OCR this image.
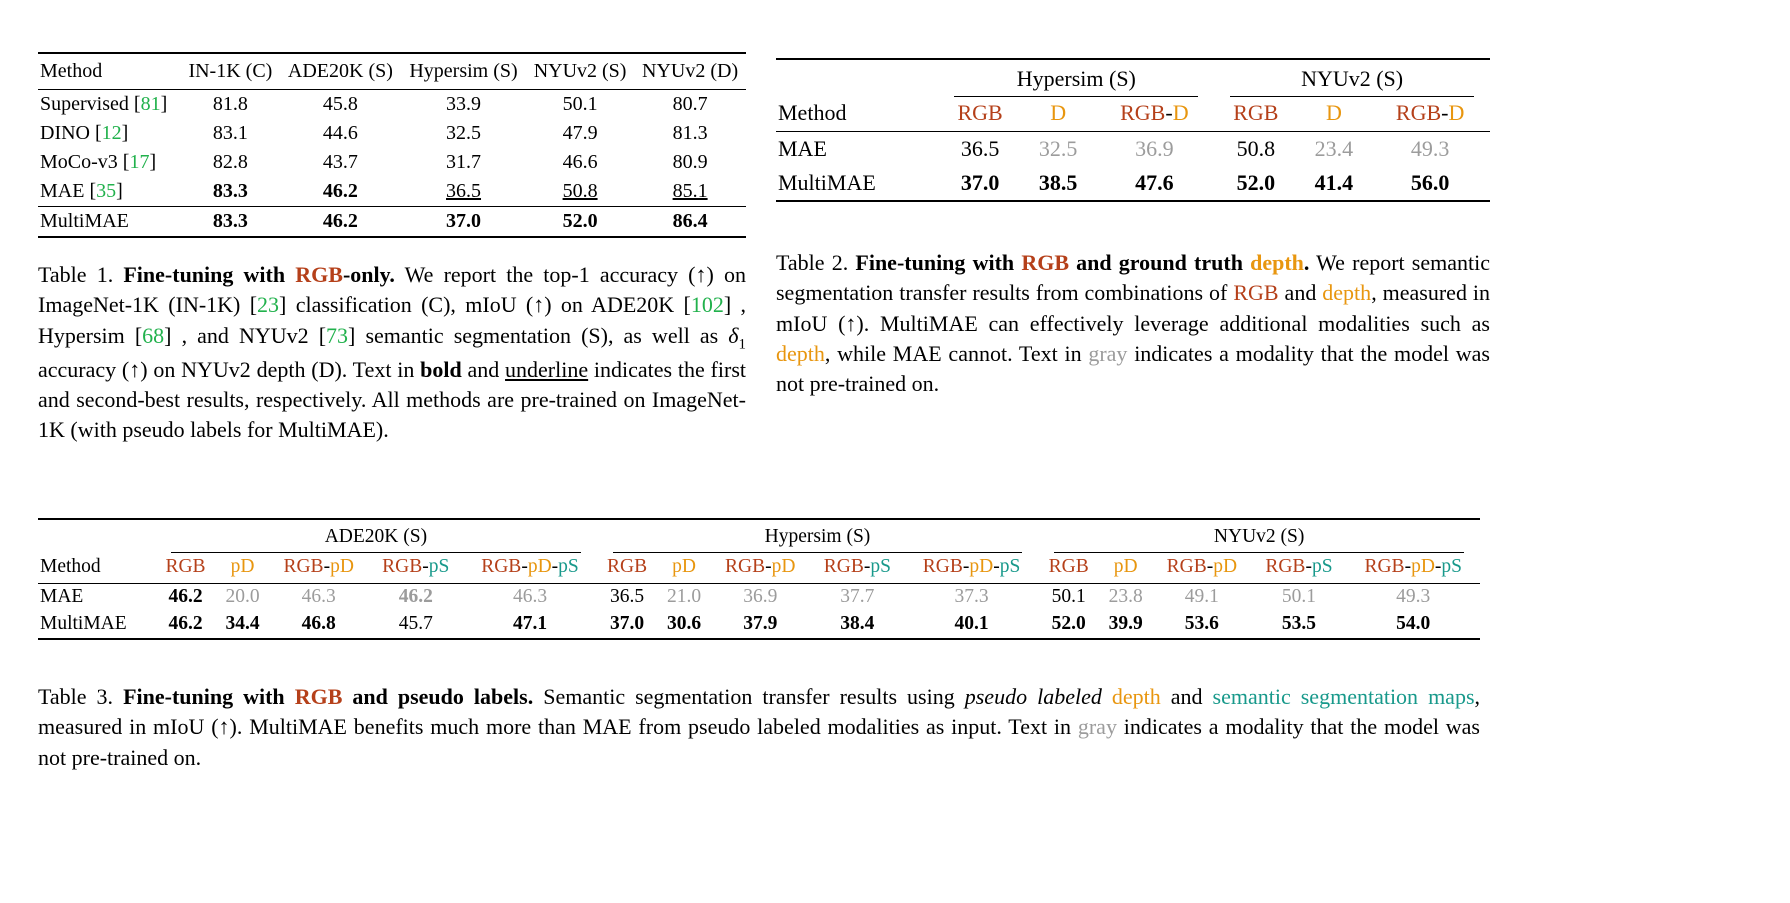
Method	IN-1K (C)	ADE20K (S)	Hypersim (S)	NYUv2 (S)	NYUv2 (D)
Supervised [81]	81.8	45.8	33.9	50.1	80.7
DINO [12]	83.1	44.6	32.5	47.9	81.3
MoCo-v3 [17]	82.8	43.7	31.7	46.6	80.9
MAE [35]	83.3	46.2	36.5	50.8	85.1
MultiMAE	83.3	46.2	37.0	52.0	86.4

Table 1. Fine-tuning with RGB-only. We report the top-1 accuracy (↑) on ImageNet-1K (IN-1K) [23] classification (C), mIoU (↑) on ADE20K [102] , Hypersim [68] , and NYUv2 [73] semantic segmentation (S), as well as $\delta_1$ accuracy (↑) on NYUv2 depth (D). Text in bold and underline indicates the first and second-best results, respectively. All methods are pre-trained on ImageNet-1K (with pseudo labels for MultiMAE).

	Hypersim (S)			NYUv2 (S)		

Method	RGB	D	RGB-D	RGB	D	RGB-D
MAE	36.5	32.5	36.9	50.8	23.4	49.3
MultiMAE	37.0	38.5	47.6	52.0	41.4	56.0

Table 2. Fine-tuning with RGB and ground truth depth. We report semantic segmentation transfer results from combinations of RGB and depth, measured in mIoU (↑). MultiMAE can effectively leverage additional modalities such as depth, while MAE cannot. Text in gray indicates a modality that the model was not pre-trained on.

	ADE20K (S)					Hypersim (S)					NYUv2 (S)				

Method	RGB	pD	RGB-pD	RGB-pS	RGB-pD-pS	RGB	pD	RGB-pD	RGB-pS	RGB-pD-pS	RGB	pD	RGB-pD	RGB-pS	RGB-pD-pS
MAE	46.2	20.0	46.3	46.2	46.3	36.5	21.0	36.9	37.7	37.3	50.1	23.8	49.1	50.1	49.3
MultiMAE	46.2	34.4	46.8	45.7	47.1	37.0	30.6	37.9	38.4	40.1	52.0	39.9	53.6	53.5	54.0

Table 3. Fine-tuning with RGB and pseudo labels. Semantic segmentation transfer results using pseudo labeled depth and semantic segmentation maps, measured in mIoU (↑). MultiMAE benefits much more than MAE from pseudo labeled modalities as input. Text in gray indicates a modality that the model was not pre-trained on.
